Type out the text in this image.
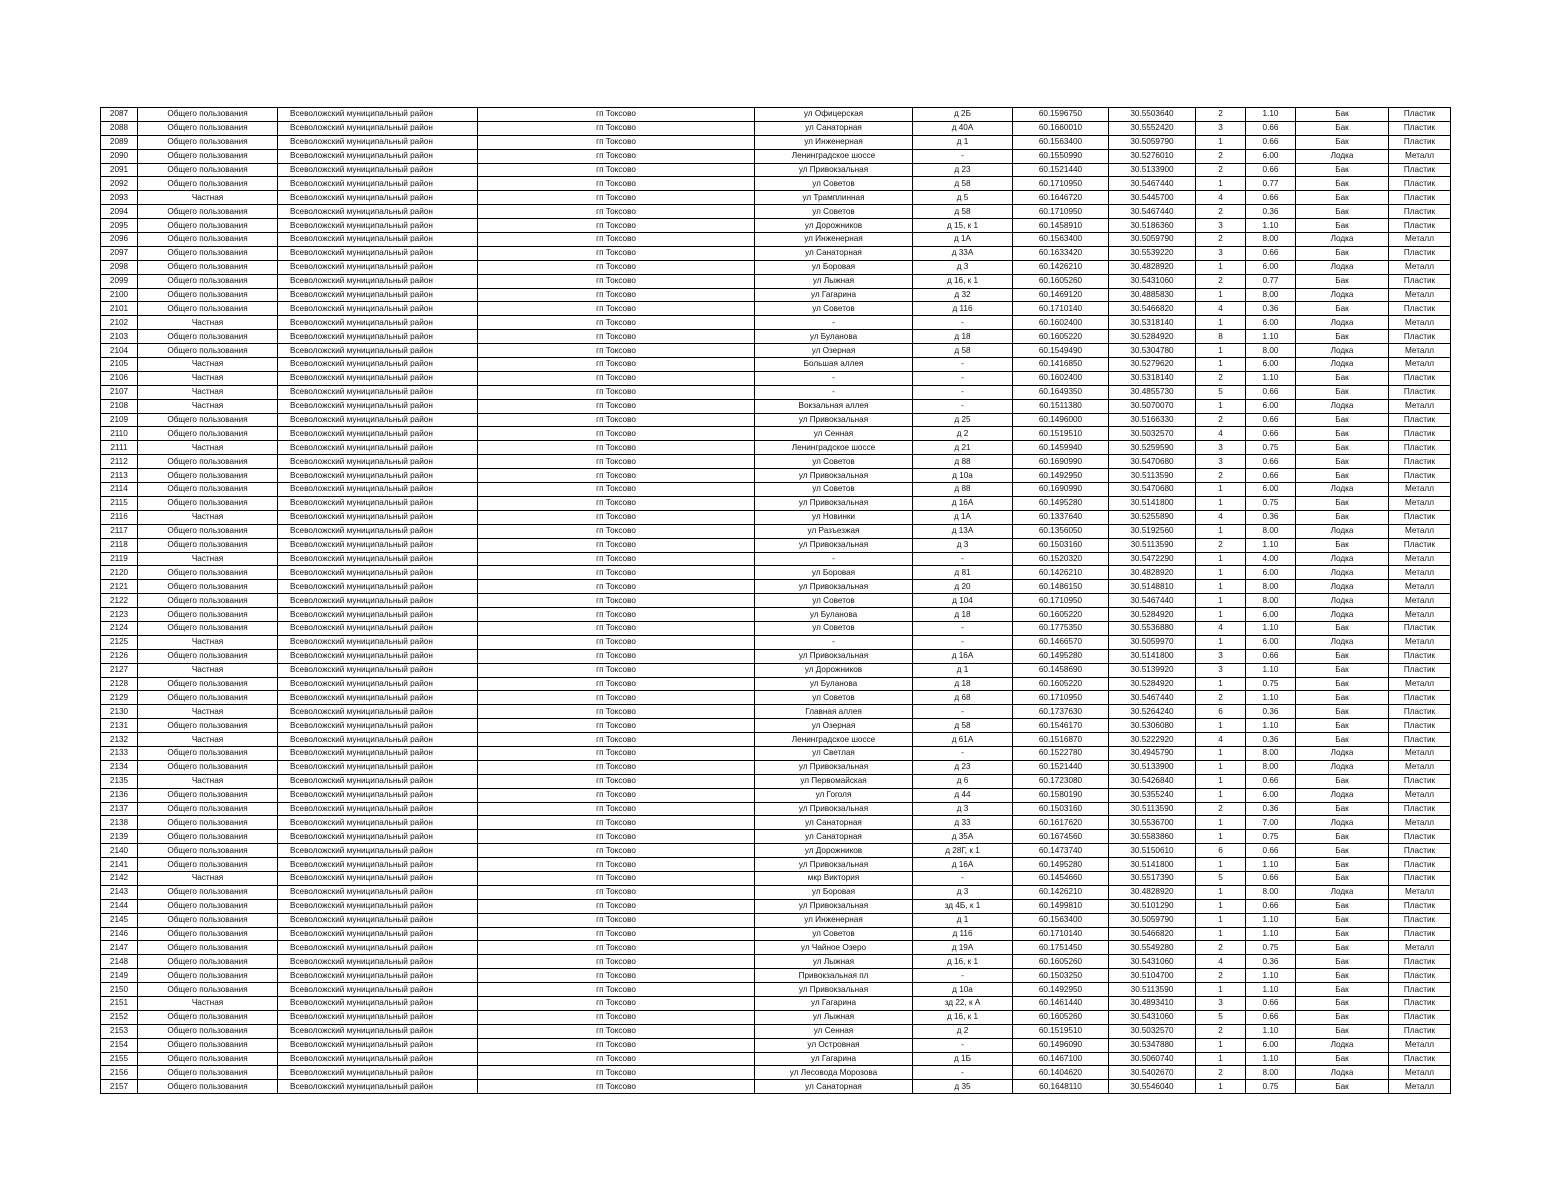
2087	Общего пользования	Всеволожский муниципальный район	гп Токсово	ул Офицерская	д 2Б	60.1596750	30.5503640	2	1.10	Бак	Пластик
2088	Общего пользования	Всеволожский муниципальный район	гп Токсово	ул Санаторная	д 40А	60.1660010	30.5552420	3	0.66	Бак	Пластик
2089	Общего пользования	Всеволожский муниципальный район	гп Токсово	ул Инженерная	д 1	60.1563400	30.5059790	1	0.66	Бак	Пластик
2090	Общего пользования	Всеволожский муниципальный район	гп Токсово	Ленинградское шоссе	-	60.1550990	30.5276010	2	6.00	Лодка	Металл
2091	Общего пользования	Всеволожский муниципальный район	гп Токсово	ул Привокзальная	д 23	60.1521440	30.5133900	2	0.66	Бак	Пластик
2092	Общего пользования	Всеволожский муниципальный район	гп Токсово	ул Советов	д 58	60.1710950	30.5467440	1	0.77	Бак	Пластик
2093	Частная	Всеволожский муниципальный район	гп Токсово	ул Трамплинная	д 5	60.1646720	30.5445700	4	0.66	Бак	Пластик
2094	Общего пользования	Всеволожский муниципальный район	гп Токсово	ул Советов	д 58	60.1710950	30.5467440	2	0.36	Бак	Пластик
2095	Общего пользования	Всеволожский муниципальный район	гп Токсово	ул Дорожников	д 15, к 1	60.1458910	30.5186360	3	1.10	Бак	Пластик
2096	Общего пользования	Всеволожский муниципальный район	гп Токсово	ул Инженерная	д 1А	60.1563400	30.5059790	2	8.00	Лодка	Металл
2097	Общего пользования	Всеволожский муниципальный район	гп Токсово	ул Санаторная	д 33А	60.1633420	30.5539220	3	0.66	Бак	Пластик
2098	Общего пользования	Всеволожский муниципальный район	гп Токсово	ул Боровая	д 3	60.1426210	30.4828920	1	6.00	Лодка	Металл
2099	Общего пользования	Всеволожский муниципальный район	гп Токсово	ул Лыжная	д 16, к 1	60.1605260	30.5431060	2	0.77	Бак	Пластик
2100	Общего пользования	Всеволожский муниципальный район	гп Токсово	ул Гагарина	д 32	60.1469120	30.4885830	1	8.00	Лодка	Металл
2101	Общего пользования	Всеволожский муниципальный район	гп Токсово	ул Советов	д 116	60.1710140	30.5466820	4	0.36	Бак	Пластик
2102	Частная	Всеволожский муниципальный район	гп Токсово	-	-	60.1602400	30.5318140	1	6.00	Лодка	Металл
2103	Общего пользования	Всеволожский муниципальный район	гп Токсово	ул Буланова	д 18	60.1605220	30.5284920	8	1.10	Бак	Пластик
2104	Общего пользования	Всеволожский муниципальный район	гп Токсово	ул Озерная	д 58	60.1549490	30.5304780	1	8.00	Лодка	Металл
2105	Частная	Всеволожский муниципальный район	гп Токсово	Большая аллея	-	60.1416850	30.5279620	1	6.00	Лодка	Металл
2106	Частная	Всеволожский муниципальный район	гп Токсово	-	-	60.1602400	30.5318140	2	1.10	Бак	Пластик
2107	Частная	Всеволожский муниципальный район	гп Токсово	-	-	60.1649350	30.4855730	5	0.66	Бак	Пластик
2108	Частная	Всеволожский муниципальный район	гп Токсово	Вокзальная аллея	-	60.1511380	30.5070070	1	6.00	Лодка	Металл
2109	Общего пользования	Всеволожский муниципальный район	гп Токсово	ул Привокзальная	д 25	60.1496000	30.5166330	2	0.66	Бак	Пластик
2110	Общего пользования	Всеволожский муниципальный район	гп Токсово	ул Сенная	д 2	60.1519510	30.5032570	4	0.66	Бак	Пластик
2111	Частная	Всеволожский муниципальный район	гп Токсово	Ленинградское шоссе	д 21	60.1459940	30.5259590	3	0.75	Бак	Пластик
2112	Общего пользования	Всеволожский муниципальный район	гп Токсово	ул Советов	д 88	60.1690990	30.5470680	3	0.66	Бак	Пластик
2113	Общего пользования	Всеволожский муниципальный район	гп Токсово	ул Привокзальная	д 10а	60.1492950	30.5113590	2	0.66	Бак	Пластик
2114	Общего пользования	Всеволожский муниципальный район	гп Токсово	ул Советов	д 88	60.1690990	30.5470680	1	6.00	Лодка	Металл
2115	Общего пользования	Всеволожский муниципальный район	гп Токсово	ул Привокзальная	д 16А	60.1495280	30.5141800	1	0.75	Бак	Металл
2116	Частная	Всеволожский муниципальный район	гп Токсово	ул Новинки	д 1А	60.1337640	30.5255890	4	0.36	Бак	Пластик
2117	Общего пользования	Всеволожский муниципальный район	гп Токсово	ул Разъезжая	д 13А	60.1356050	30.5192560	1	8.00	Лодка	Металл
2118	Общего пользования	Всеволожский муниципальный район	гп Токсово	ул Привокзальная	д 3	60.1503160	30.5113590	2	1.10	Бак	Пластик
2119	Частная	Всеволожский муниципальный район	гп Токсово	-	-	60.1520320	30.5472290	1	4.00	Лодка	Металл
2120	Общего пользования	Всеволожский муниципальный район	гп Токсово	ул Боровая	д 81	60.1426210	30.4828920	1	6.00	Лодка	Металл
2121	Общего пользования	Всеволожский муниципальный район	гп Токсово	ул Привокзальная	д 20	60.1486150	30.5148810	1	8.00	Лодка	Металл
2122	Общего пользования	Всеволожский муниципальный район	гп Токсово	ул Советов	д 104	60.1710950	30.5467440	1	8.00	Лодка	Металл
2123	Общего пользования	Всеволожский муниципальный район	гп Токсово	ул Буланова	д 18	60.1605220	30.5284920	1	6.00	Лодка	Металл
2124	Общего пользования	Всеволожский муниципальный район	гп Токсово	ул Советов	-	60.1775350	30.5536880	4	1.10	Бак	Пластик
2125	Частная	Всеволожский муниципальный район	гп Токсово	-	-	60.1466570	30.5059970	1	6.00	Лодка	Металл
2126	Общего пользования	Всеволожский муниципальный район	гп Токсово	ул Привокзальная	д 16А	60.1495280	30.5141800	3	0.66	Бак	Пластик
2127	Частная	Всеволожский муниципальный район	гп Токсово	ул Дорожников	д 1	60.1458690	30.5139920	3	1.10	Бак	Пластик
2128	Общего пользования	Всеволожский муниципальный район	гп Токсово	ул Буланова	д 18	60.1605220	30.5284920	1	0.75	Бак	Металл
2129	Общего пользования	Всеволожский муниципальный район	гп Токсово	ул Советов	д 68	60.1710950	30.5467440	2	1.10	Бак	Пластик
2130	Частная	Всеволожский муниципальный район	гп Токсово	Главная аллея	-	60.1737630	30.5264240	6	0.36	Бак	Пластик
2131	Общего пользования	Всеволожский муниципальный район	гп Токсово	ул Озерная	д 58	60.1546170	30.5306080	1	1.10	Бак	Пластик
2132	Частная	Всеволожский муниципальный район	гп Токсово	Ленинградское шоссе	д 61А	60.1516870	30.5222920	4	0.36	Бак	Пластик
2133	Общего пользования	Всеволожский муниципальный район	гп Токсово	ул Светлая	-	60.1522780	30.4945790	1	8.00	Лодка	Металл
2134	Общего пользования	Всеволожский муниципальный район	гп Токсово	ул Привокзальная	д 23	60.1521440	30.5133900	1	8.00	Лодка	Металл
2135	Частная	Всеволожский муниципальный район	гп Токсово	ул Первомайская	д 6	60.1723080	30.5426840	1	0.66	Бак	Пластик
2136	Общего пользования	Всеволожский муниципальный район	гп Токсово	ул Гоголя	д 44	60.1580190	30.5355240	1	6.00	Лодка	Металл
2137	Общего пользования	Всеволожский муниципальный район	гп Токсово	ул Привокзальная	д 3	60.1503160	30.5113590	2	0.36	Бак	Пластик
2138	Общего пользования	Всеволожский муниципальный район	гп Токсово	ул Санаторная	д 33	60.1617620	30.5536700	1	7.00	Лодка	Металл
2139	Общего пользования	Всеволожский муниципальный район	гп Токсово	ул Санаторная	д 35А	60.1674560	30.5583860	1	0.75	Бак	Пластик
2140	Общего пользования	Всеволожский муниципальный район	гп Токсово	ул Дорожников	д 28Г, к 1	60.1473740	30.5150610	6	0.66	Бак	Пластик
2141	Общего пользования	Всеволожский муниципальный район	гп Токсово	ул Привокзальная	д 16А	60.1495280	30.5141800	1	1.10	Бак	Пластик
2142	Частная	Всеволожский муниципальный район	гп Токсово	мкр Виктория	-	60.1454660	30.5517390	5	0.66	Бак	Пластик
2143	Общего пользования	Всеволожский муниципальный район	гп Токсово	ул Боровая	д 3	60.1426210	30.4828920	1	8.00	Лодка	Металл
2144	Общего пользования	Всеволожский муниципальный район	гп Токсово	ул Привокзальная	зд 4Б, к 1	60.1499810	30.5101290	1	0.66	Бак	Пластик
2145	Общего пользования	Всеволожский муниципальный район	гп Токсово	ул Инженерная	д 1	60.1563400	30.5059790	1	1.10	Бак	Пластик
2146	Общего пользования	Всеволожский муниципальный район	гп Токсово	ул Советов	д 116	60.1710140	30.5466820	1	1.10	Бак	Пластик
2147	Общего пользования	Всеволожский муниципальный район	гп Токсово	ул Чайное Озеро	д 19А	60.1751450	30.5549280	2	0.75	Бак	Металл
2148	Общего пользования	Всеволожский муниципальный район	гп Токсово	ул Лыжная	д 16, к 1	60.1605260	30.5431060	4	0.36	Бак	Пластик
2149	Общего пользования	Всеволожский муниципальный район	гп Токсово	Привокзальная пл	-	60.1503250	30.5104700	2	1.10	Бак	Пластик
2150	Общего пользования	Всеволожский муниципальный район	гп Токсово	ул Привокзальная	д 10а	60.1492950	30.5113590	1	1.10	Бак	Пластик
2151	Частная	Всеволожский муниципальный район	гп Токсово	ул Гагарина	зд 22, к А	60.1461440	30.4893410	3	0.66	Бак	Пластик
2152	Общего пользования	Всеволожский муниципальный район	гп Токсово	ул Лыжная	д 16, к 1	60.1605260	30.5431060	5	0.66	Бак	Пластик
2153	Общего пользования	Всеволожский муниципальный район	гп Токсово	ул Сенная	д 2	60.1519510	30.5032570	2	1.10	Бак	Пластик
2154	Общего пользования	Всеволожский муниципальный район	гп Токсово	ул Островная	-	60.1496090	30.5347880	1	6.00	Лодка	Металл
2155	Общего пользования	Всеволожский муниципальный район	гп Токсово	ул Гагарина	д 1Б	60.1467100	30.5060740	1	1.10	Бак	Пластик
2156	Общего пользования	Всеволожский муниципальный район	гп Токсово	ул Лесовода Морозова	-	60.1404620	30.5402670	2	8.00	Лодка	Металл
2157	Общего пользования	Всеволожский муниципальный район	гп Токсово	ул Санаторная	д 35	60.1648110	30.5546040	1	0.75	Бак	Металл
